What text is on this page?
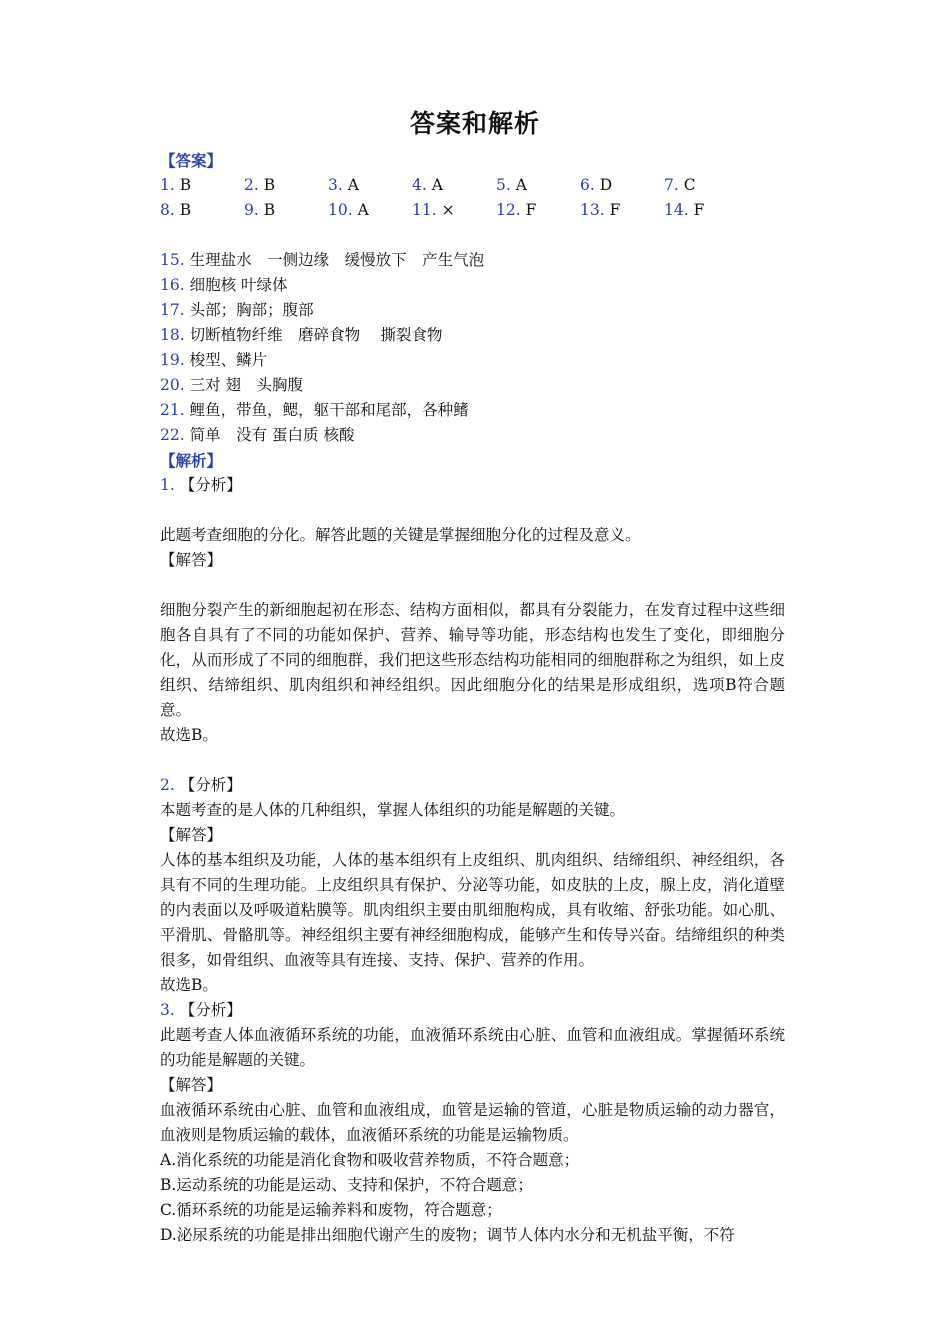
答案和解析
【答案】
1. B	2. B	3. A	4. A	5. A	6. D	7. C
8. B	9. B	10. A	11. ×	12. F	13. F	14. F
15. 生理盐水　一侧边缘　缓慢放下　产生气泡
16. 细胞核 叶绿体
17. 头部；胸部；腹部
18. 切断植物纤维　磨碎食物　 撕裂食物
19. 梭型、鳞片
20. 三对 翅　头胸腹
21. 鲤鱼，带鱼，鳃，躯干部和尾部，各种鳍
22. 简单　没有 蛋白质 核酸
【解析】
1. 【分析】
此题考查细胞的分化。解答此题的关键是掌握细胞分化的过程及意义。
【解答】
细胞分裂产生的新细胞起初在形态、结构方面相似，都具有分裂能力，在发育过程中这些细胞各自具有了不同的功能如保护、营养、输导等功能，形态结构也发生了变化，即细胞分化，从而形成了不同的细胞群，我们把这些形态结构功能相同的细胞群称之为组织，如上皮组织、结缔组织、肌肉组织和神经组织。因此细胞分化的结果是形成组织，选项B符合题意。
故选B。
2. 【分析】
本题考查的是人体的几种组织，掌握人体组织的功能是解题的关键。
【解答】
人体的基本组织及功能，人体的基本组织有上皮组织、肌肉组织、结缔组织、神经组织，各具有不同的生理功能。上皮组织具有保护、分泌等功能，如皮肤的上皮，腺上皮，消化道壁的内表面以及呼吸道粘膜等。肌肉组织主要由肌细胞构成，具有收缩、舒张功能。如心肌、平滑肌、骨骼肌等。神经组织主要有神经细胞构成，能够产生和传导兴奋。结缔组织的种类很多，如骨组织、血液等具有连接、支持、保护、营养的作用。
故选B。
3. 【分析】
此题考查人体血液循环系统的功能，血液循环系统由心脏、血管和血液组成。掌握循环系统的功能是解题的关键。
【解答】
血液循环系统由心脏、血管和血液组成，血管是运输的管道，心脏是物质运输的动力器官，血液则是物质运输的载体，血液循环系统的功能是运输物质。
A.消化系统的功能是消化食物和吸收营养物质，不符合题意；
B.运动系统的功能是运动、支持和保护，不符合题意；
C.循环系统的功能是运输养料和废物，符合题意；
D.泌尿系统的功能是排出细胞代谢产生的废物；调节人体内水分和无机盐平衡，不符
